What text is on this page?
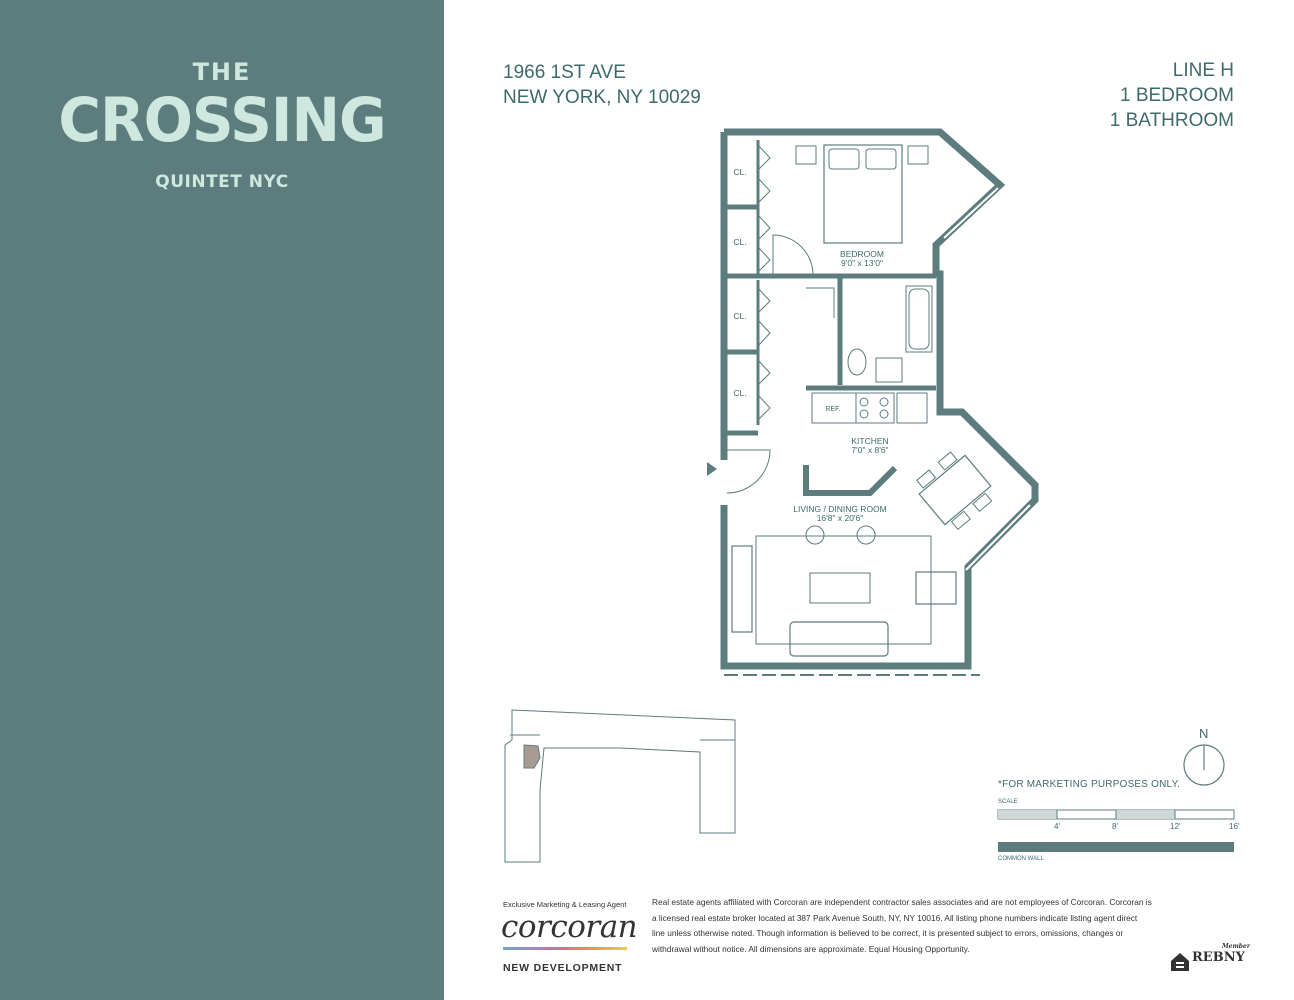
THE
CROSSING
QUINTET NYC
1966 1ST AVE
NEW YORK, NY 10029
LINE H
1 BEDROOM
1 BATHROOM
BEDROOM
9'0" x 13'0"
KITCHEN
7'0" x 8'6"
LIVING / DINING ROOM
16'8" x 20'6"
CL.
CL.
CL.
CL.
REF.
N
*FOR MARKETING PURPOSES ONLY.
SCALE
4'	8'	12'	16'
COMMON WALL
Exclusive Marketing & Leasing Agent
corcoran
NEW DEVELOPMENT
Real estate agents affiliated with Corcoran are independent contractor sales associates and are not employees of Corcoran. Corcoran is a licensed real estate broker located at 387 Park Avenue South, NY, NY 10016. All listing phone numbers indicate listing agent direct line unless otherwise noted. Though information is believed to be correct, it is presented subject to errors, omissions, changes or withdrawal without notice. All dimensions are approximate. Equal Housing Opportunity.	Member
REBNY
